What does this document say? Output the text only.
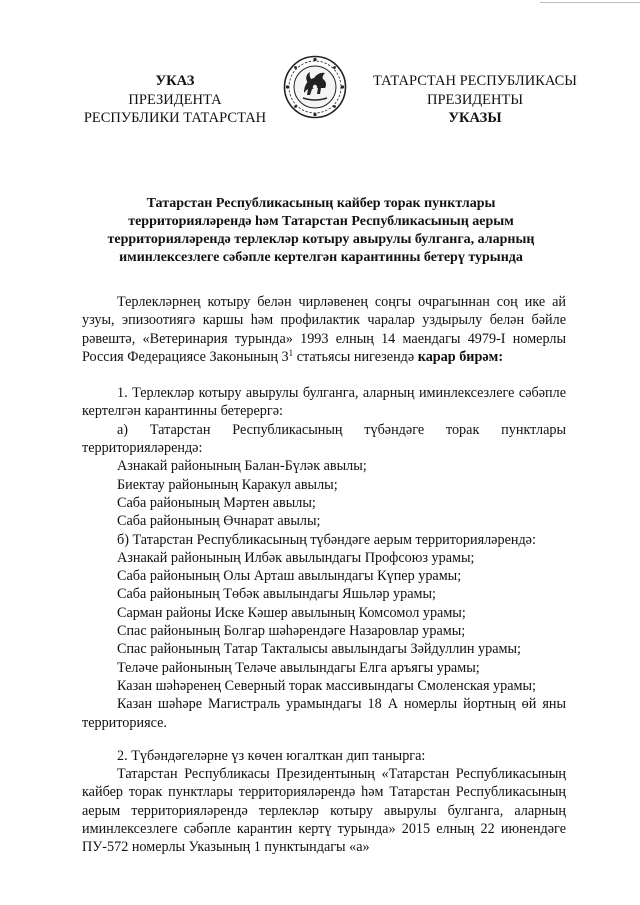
УКАЗ
ПРЕЗИДЕНТА
РЕСПУБЛИКИ ТАТАРСТАН
ТАТАРСТАН РЕСПУБЛИКАСЫ
ПРЕЗИДЕНТЫ
УКАЗЫ
Татарстан Республикасының кайбер торак пунктлары
территорияләрендә һәм Татарстан Республикасының аерым
территорияләрендә терлекләр котыру авырулы булганга, аларның
иминлексезлеге сәбәпле кертелгән карантинны бетерү турында

Терлекләрнең котыру белән чирләвенең соңгы очрагыннан соң ике ай узуы, эпизоотиягә каршы һәм профилактик чаралар уздырылу белән бәйле рәвештә, «Ветеринария турында» 1993 елның 14 маендагы 4979-I номерлы Россия Федерациясе Законының $3^1$ статьясы нигезендә карар бирәм:

1. Терлекләр котыру авырулы булганга, аларның иминлексезлеге сәбәпле кертелгән карантинны бетерергә:

а) Татарстан Республикасының түбәндәге торак пунктлары территорияләрендә:

Азнакай районының Балан-Бүләк авылы;

Биектау районының Каракул авылы;

Саба районының Мәртен авылы;

Саба районының Өчнарат авылы;

б) Татарстан Республикасының түбәндәге аерым территорияләрендә:

Азнакай районының Илбәк авылындагы Профсоюз урамы;

Саба районының Олы Арташ авылындагы Күпер урамы;

Саба районының Төбәк авылындагы Яшьләр урамы;

Сарман районы Иске Кәшер авылының Комсомол урамы;

Спас районының Болгар шәһәрендәге Назаровлар урамы;

Спас районының Татар Такталысы авылындагы Зәйдуллин урамы;

Теләче районының Теләче авылындагы Елга аръягы урамы;

Казан шәһәренең Северный торак массивындагы Смоленская урамы;

Казан шәһәре Магистраль урамындагы 18 А номерлы йортның өй яны территориясе.

2. Түбәндәгеләрне үз көчен югалткан дип танырга:

Татарстан Республикасы Президентының «Татарстан Республикасының кайбер торак пунктлары территорияләрендә һәм Татарстан Республикасының аерым территорияләрендә терлекләр котыру авырулы булганга, аларның иминлексезлеге сәбәпле карантин кертү турында» 2015 елның 22 июнендәге ПУ-572 номерлы Указының 1 пунктындагы «а»
